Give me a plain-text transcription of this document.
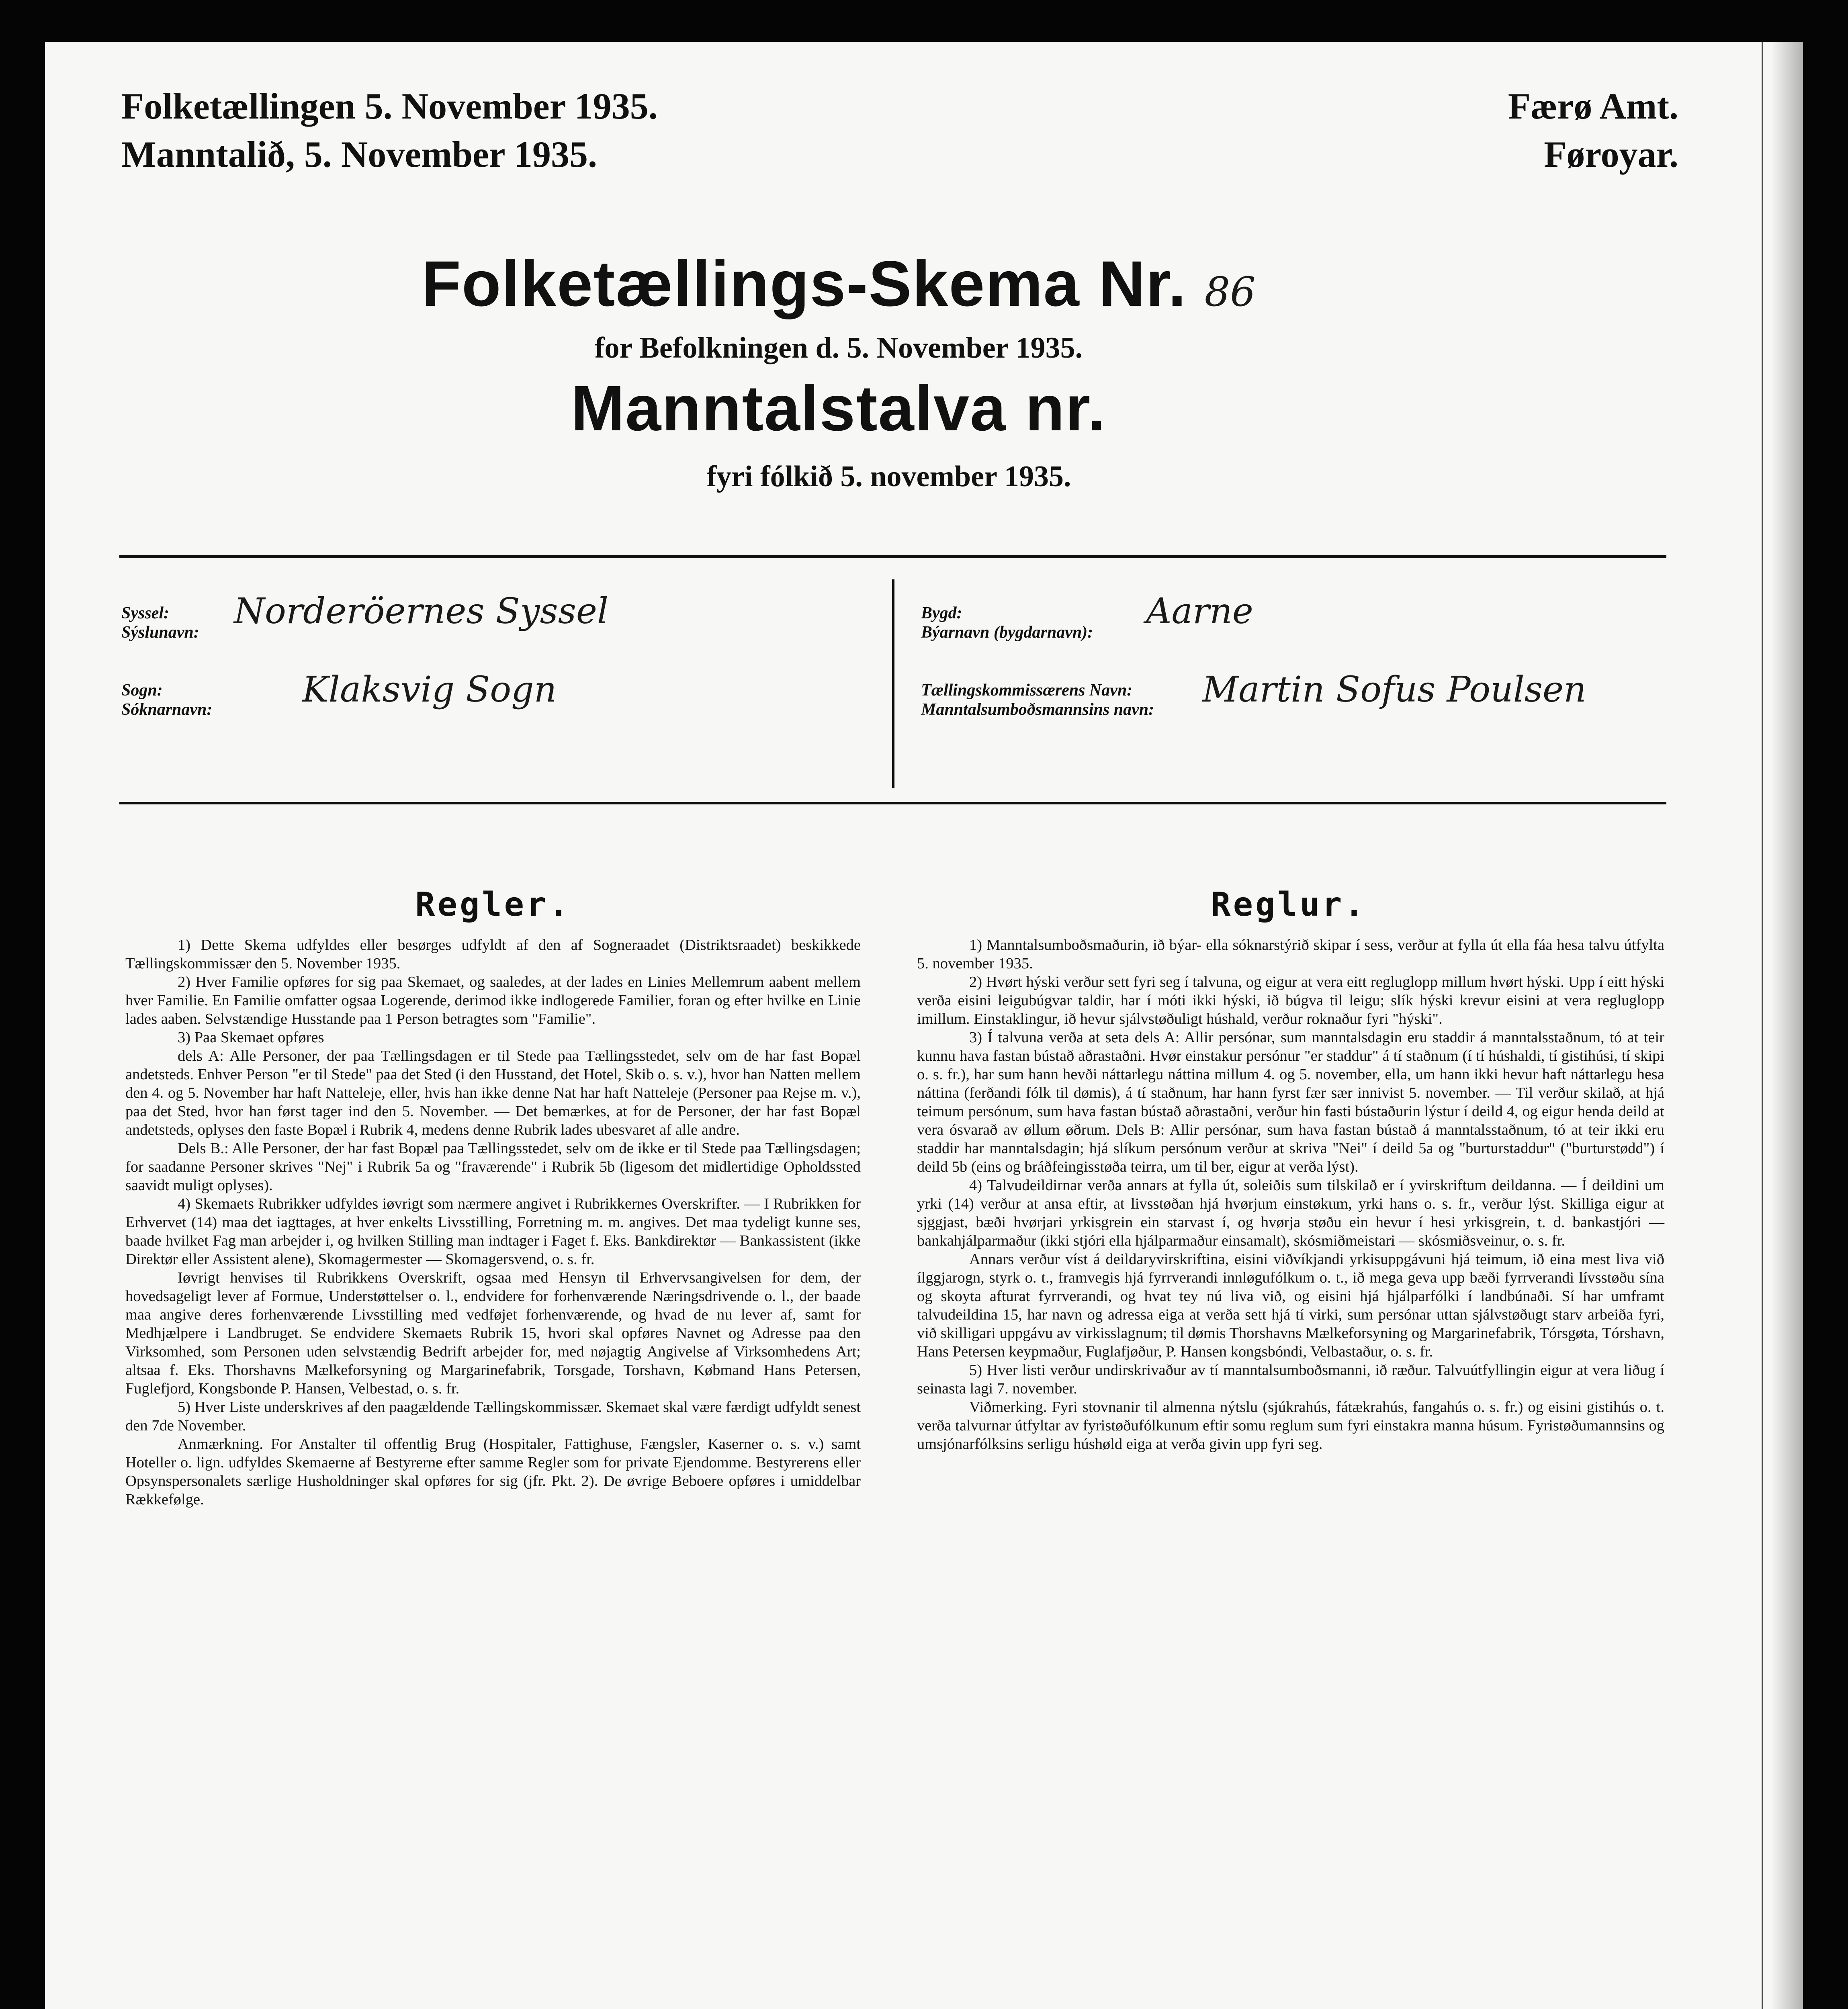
Folketællingen 5. November 1935.
Manntalið, 5. November 1935.
Færø Amt.
Føroyar.
Folketællings-Skema Nr. 86
for Befolkningen d. 5. November 1935.
Manntalstalva nr.
fyri fólkið 5. november 1935.
Syssel:
Sýslunavn:
Norderöernes Syssel
Sogn:
Sóknarnavn:	Klaksvig Sogn
Bygd:
Býarnavn (bygdarnavn):
Aarne
Tællingskommissærens Navn:
Manntalsumboðsmannsins navn: Martin Sofus Poulsen
Regler.	Reglur.

1) Dette Skema udfyldes eller besørges udfyldt af den af Sogneraadet (Distriktsraadet) beskikkede Tællingskommissær den 5. November 1935.

2) Hver Familie opføres for sig paa Skemaet, og saaledes, at der lades en Linies Mellemrum aabent mellem hver Familie. En Familie omfatter ogsaa Logerende, derimod ikke indlogerede Familier, foran og efter hvilke en Linie lades aaben. Selvstændige Husstande paa 1 Person betragtes som "Familie".

3) Paa Skemaet opføres

dels A: Alle Personer, der paa Tællingsdagen er til Stede paa Tællingsstedet, selv om de har fast Bopæl andetsteds. Enhver Person "er til Stede" paa det Sted (i den Husstand, det Hotel, Skib o. s. v.), hvor han Natten mellem den 4. og 5. November har haft Natteleje, eller, hvis han ikke denne Nat har haft Natteleje (Personer paa Rejse m. v.), paa det Sted, hvor han først tager ind den 5. November. — Det bemærkes, at for de Personer, der har fast Bopæl andetsteds, oplyses den faste Bopæl i Rubrik 4, medens denne Rubrik lades ubesvaret af alle andre.

Dels B.: Alle Personer, der har fast Bopæl paa Tællingsstedet, selv om de ikke er til Stede paa Tællingsdagen; for saadanne Personer skrives "Nej" i Rubrik 5a og "fraværende" i Rubrik 5b (ligesom det midlertidige Opholdssted saavidt muligt oplyses).

4) Skemaets Rubrikker udfyldes iøvrigt som nærmere angivet i Rubrikkernes Overskrifter. — I Rubrikken for Erhvervet (14) maa det iagttages, at hver enkelts Livsstilling, Forretning m. m. angives. Det maa tydeligt kunne ses, baade hvilket Fag man arbejder i, og hvilken Stilling man indtager i Faget f. Eks. Bankdirektør — Bankassistent (ikke Direktør eller Assistent alene), Skomagermester — Skomagersvend, o. s. fr.

Iøvrigt henvises til Rubrikkens Overskrift, ogsaa med Hensyn til Erhvervsangivelsen for dem, der hovedsageligt lever af Formue, Understøttelser o. l., endvidere for forhenværende Næringsdrivende o. l., der baade maa angive deres forhenværende Livsstilling med vedføjet forhenværende, og hvad de nu lever af, samt for Medhjælpere i Landbruget. Se endvidere Skemaets Rubrik 15, hvori skal opføres Navnet og Adresse paa den Virksomhed, som Personen uden selvstændig Bedrift arbejder for, med nøjagtig Angivelse af Virksomhedens Art; altsaa f. Eks. Thorshavns Mælkeforsyning og Margarinefabrik, Torsgade, Torshavn, Købmand Hans Petersen, Fuglefjord, Kongsbonde P. Hansen, Velbestad, o. s. fr.

5) Hver Liste underskrives af den paagældende Tællingskommissær. Skemaet skal være færdigt udfyldt senest den 7de November.

Anmærkning. For Anstalter til offentlig Brug (Hospitaler, Fattighuse, Fængsler, Kaserner o. s. v.) samt Hoteller o. lign. udfyldes Skemaerne af Bestyrerne efter samme Regler som for private Ejendomme. Bestyrerens eller Opsynspersonalets særlige Husholdninger skal opføres for sig (jfr. Pkt. 2). De øvrige Beboere opføres i umiddelbar Rækkefølge.

1) Manntalsumboðsmaðurin, ið býar- ella sóknarstýrið skipar í sess, verður at fylla út ella fáa hesa talvu útfylta 5. november 1935.

2) Hvørt hýski verður sett fyri seg í talvuna, og eigur at vera eitt regluglopp millum hvørt hýski. Upp í eitt hýski verða eisini leigubúgvar taldir, har í móti ikki hýski, ið búgva til leigu; slík hýski krevur eisini at vera regluglopp imillum. Einstaklingur, ið hevur sjálvstøðuligt húshald, verður roknaður fyri "hýski".

3) Í talvuna verða at seta dels A: Allir persónar, sum manntalsdagin eru staddir á manntalsstaðnum, tó at teir kunnu hava fastan bústað aðrastaðni. Hvør einstakur persónur "er staddur" á tí staðnum (í tí húshaldi, tí gistihúsi, tí skipi o. s. fr.), har sum hann hevði náttarlegu náttina millum 4. og 5. november, ella, um hann ikki hevur haft náttarlegu hesa náttina (ferðandi fólk til dømis), á tí staðnum, har hann fyrst fær sær innivist 5. november. — Til verður skilað, at hjá teimum persónum, sum hava fastan bústað aðrastaðni, verður hin fasti bústaðurin lýstur í deild 4, og eigur henda deild at vera ósvarað av øllum øðrum. Dels B: Allir persónar, sum hava fastan bústað á manntalsstaðnum, tó at teir ikki eru staddir har manntalsdagin; hjá slíkum persónum verður at skriva "Nei" í deild 5a og "burturstaddur" ("burturstødd") í deild 5b (eins og bráðfeingisstøða teirra, um til ber, eigur at verða lýst).

4) Talvudeildirnar verða annars at fylla út, soleiðis sum tilskilað er í yvirskriftum deildanna. — Í deildini um yrki (14) verður at ansa eftir, at livsstøðan hjá hvørjum einstøkum, yrki hans o. s. fr., verður lýst. Skilliga eigur at sjggjast, bæði hvørjari yrkisgrein ein starvast í, og hvørja støðu ein hevur í hesi yrkisgrein, t. d. bankastjóri — bankahjálparmaður (ikki stjóri ella hjálparmaður einsamalt), skósmiðmeistari — skósmiðsveinur, o. s. fr.

Annars verður víst á deildaryvirskriftina, eisini viðvíkjandi yrkisuppgávuni hjá teimum, ið eina mest liva við ílggjarogn, styrk o. t., framvegis hjá fyrrverandi innløgufólkum o. t., ið mega geva upp bæði fyrrverandi lívsstøðu sína og skoyta afturat fyrrverandi, og hvat tey nú liva við, og eisini hjá hjálparfólki í landbúnaði. Sí har umframt talvudeildina 15, har navn og adressa eiga at verða sett hjá tí virki, sum persónar uttan sjálvstøðugt starv arbeiða fyri, við skilligari uppgávu av virkisslagnum; til dømis Thorshavns Mælkeforsyning og Margarinefabrik, Tórsgøta, Tórshavn, Hans Petersen keypmaður, Fuglafjøður, P. Hansen kongsbóndi, Velbastaður, o. s. fr.

5) Hver listi verður undirskrivaður av tí manntalsumboðsmanni, ið ræður. Talvuútfyllingin eigur at vera liðug í seinasta lagi 7. november.

Viðmerking. Fyri stovnanir til almenna nýtslu (sjúkrahús, fátækrahús, fangahús o. s. fr.) og eisini gistihús o. t. verða talvurnar útfyltar av fyristøðufólkunum eftir somu reglum sum fyri einstakra manna húsum. Fyristøðumannsins og umsjónarfólksins serligu húshøld eiga at verða givin upp fyri seg.
